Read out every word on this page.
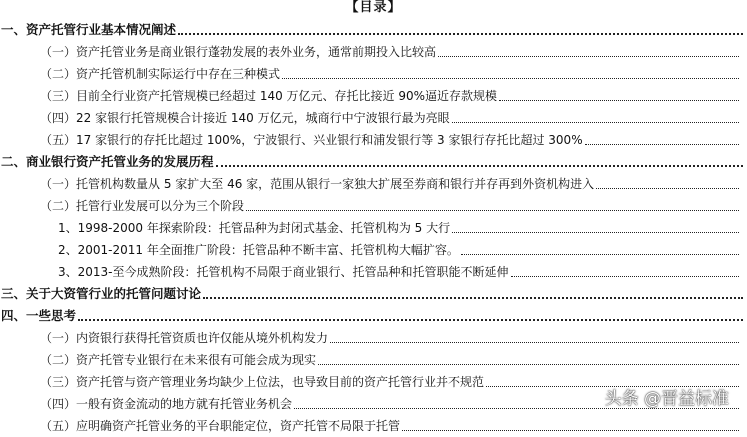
【目录】
一、资产托管行业基本情况阐述
（一）资产托管业务是商业银行蓬勃发展的表外业务，通常前期投入比较高
（二）资产托管机制实际运行中存在三种模式
（三）目前全行业资产托管规模已经超过 140 万亿元、存托比接近 90%逼近存款规模
（四）22 家银行托管规模合计接近 140 万亿元，城商行中宁波银行最为亮眼
（五）17 家银行的存托比超过 100%，宁波银行、兴业银行和浦发银行等 3 家银行存托比超过 300%
二、商业银行资产托管业务的发展历程
（一）托管机构数量从 5 家扩大至 46 家，范围从银行一家独大扩展至券商和银行并存再到外资机构进入
（二）托管行业发展可以分为三个阶段
1、1998-2000 年探索阶段：托管品种为封闭式基金、托管机构为 5 大行
2、2001-2011 年全面推广阶段：托管品种不断丰富、托管机构大幅扩容。
3、2013-至今成熟阶段：托管机构不局限于商业银行、托管品种和托管职能不断延伸
三、关于大资管行业的托管问题讨论
四、一些思考
（一）内资银行获得托管资质也许仅能从境外机构发力
（二）资产托管专业银行在未来很有可能会成为现实
（三）资产托管与资产管理业务均缺少上位法，也导致目前的资产托管行业并不规范
（四）一般有资金流动的地方就有托管业务机会
（五）应明确资产托管业务的平台职能定位，资产托管不局限于托管
头条 @晋益标准
